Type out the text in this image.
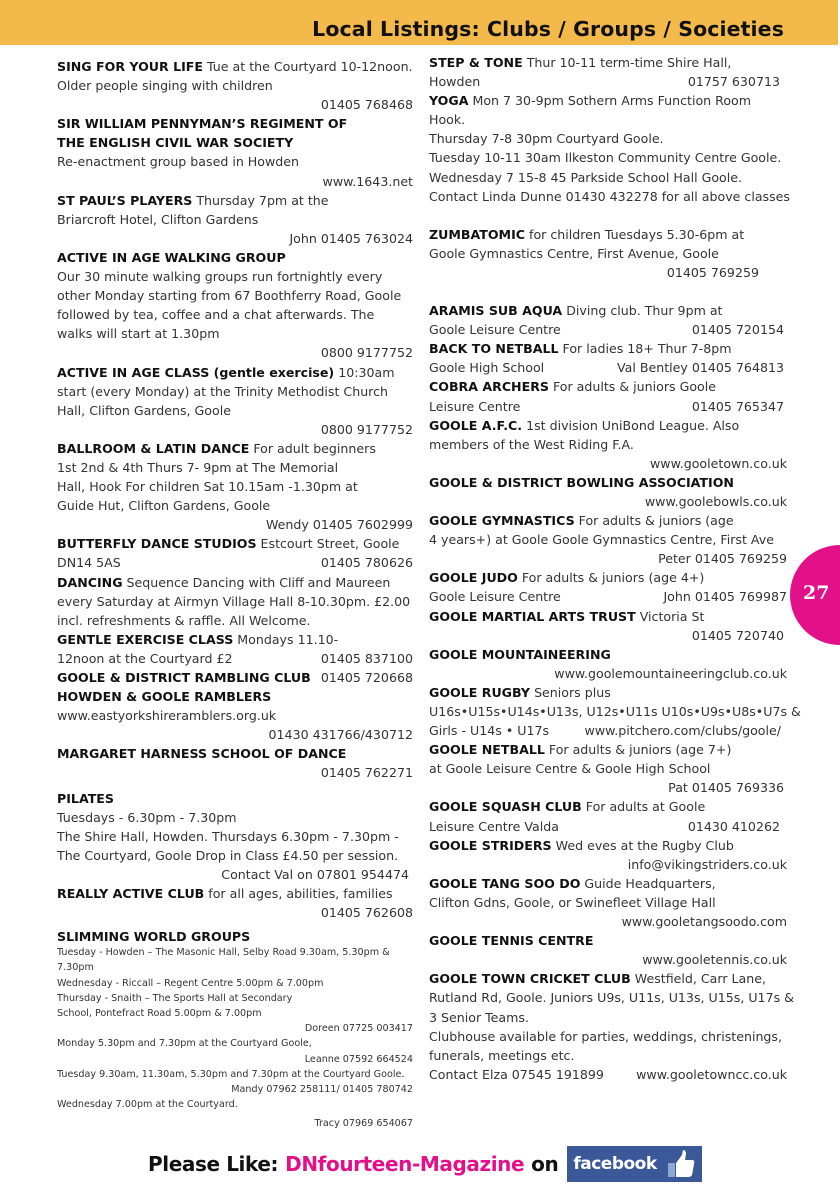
Local Listings: Clubs / Groups / Societies
SING FOR YOUR LIFE Tue at the Courtyard 10-12noon.
Older people singing with children
01405 768468
SIR WILLIAM PENNYMAN’S REGIMENT OF
THE ENGLISH CIVIL WAR SOCIETY
Re-enactment group based in Howden
www.1643.net
ST PAUL’S PLAYERS Thursday 7pm at the
Briarcroft Hotel, Clifton Gardens
John 01405 763024
ACTIVE IN AGE WALKING GROUP
Our 30 minute walking groups run fortnightly every
other Monday starting from 67 Boothferry Road, Goole
followed by tea, coffee and a chat afterwards. The
walks will start at 1.30pm
0800 9177752
ACTIVE IN AGE CLASS (gentle exercise) 10:30am
start (every Monday) at the Trinity Methodist Church
Hall, Clifton Gardens, Goole
0800 9177752
BALLROOM & LATIN DANCE For adult beginners
1st 2nd & 4th Thurs 7- 9pm at The Memorial
Hall, Hook For children Sat 10.15am -1.30pm at
Guide Hut, Clifton Gardens, Goole
Wendy 01405 7602999
BUTTERFLY DANCE STUDIOS Estcourt Street, Goole
DN14 5AS	01405 780626
DANCING Sequence Dancing with Cliff and Maureen
every Saturday at Airmyn Village Hall 8-10.30pm. £2.00
incl. refreshments & raffle. All Welcome.
GENTLE EXERCISE CLASS Mondays 11.10-
12noon at the Courtyard £2	01405 837100
GOOLE & DISTRICT RAMBLING CLUB 01405 720668
HOWDEN & GOOLE RAMBLERS
www.eastyorkshireramblers.org.uk
01430 431766/430712
MARGARET HARNESS SCHOOL OF DANCE
01405 762271
PILATES
Tuesdays - 6.30pm - 7.30pm
The Shire Hall, Howden. Thursdays 6.30pm - 7.30pm -
The Courtyard, Goole Drop in Class £4.50 per session.
Contact Val on 07801 954474
REALLY ACTIVE CLUB for all ages, abilities, families
01405 762608
SLIMMING WORLD GROUPS
Tuesday - Howden – The Masonic Hall, Selby Road 9.30am, 5.30pm &
7.30pm
Wednesday - Riccall – Regent Centre 5.00pm & 7.00pm
Thursday - Snaith – The Sports Hall at Secondary
School, Pontefract Road 5.00pm & 7.00pm
Doreen 07725 003417
Monday 5.30pm and 7.30pm at the Courtyard Goole,
Leanne 07592 664524
Tuesday 9.30am, 11.30am, 5.30pm and 7.30pm at the Courtyard Goole.
Mandy 07962 258111/ 01405 780742
Wednesday 7.00pm at the Courtyard.
Tracy 07969 654067
STEP & TONE Thur 10-11 term-time Shire Hall,
Howden	01757 630713
YOGA Mon 7 30-9pm Sothern Arms Function Room
Hook.
Thursday 7-8 30pm Courtyard Goole.
Tuesday 10-11 30am Ilkeston Community Centre Goole.
Wednesday 7 15-8 45 Parkside School Hall Goole.
Contact Linda Dunne 01430 432278 for all above classes
ZUMBATOMIC for children Tuesdays 5.30-6pm at
Goole Gymnastics Centre, First Avenue, Goole
01405 769259
ARAMIS SUB AQUA Diving club. Thur 9pm at
Goole Leisure Centre	01405 720154
BACK TO NETBALL For ladies 18+ Thur 7-8pm
Goole High School	Val Bentley 01405 764813
COBRA ARCHERS For adults & juniors Goole
Leisure Centre	01405 765347
GOOLE A.F.C. 1st division UniBond League. Also
members of the West Riding F.A.
www.gooletown.co.uk
GOOLE & DISTRICT BOWLING ASSOCIATION
www.goolebowls.co.uk
GOOLE GYMNASTICS For adults & juniors (age
4 years+) at Goole Goole Gymnastics Centre, First Ave
Peter 01405 769259
GOOLE JUDO For adults & juniors (age 4+)
Goole Leisure Centre	John 01405 769987
GOOLE MARTIAL ARTS TRUST Victoria St
01405 720740
GOOLE MOUNTAINEERING
www.goolemountaineeringclub.co.uk
GOOLE RUGBY Seniors plus
U16s•U15s•U14s•U13s, U12s•U11s U10s•U9s•U8s•U7s &
Girls - U14s • U17s	www.pitchero.com/clubs/goole/
GOOLE NETBALL For adults & juniors (age 7+)
at Goole Leisure Centre & Goole High School
Pat 01405 769336
GOOLE SQUASH CLUB For adults at Goole
Leisure Centre Valda	01430 410262
GOOLE STRIDERS Wed eves at the Rugby Club
info@vikingstriders.co.uk
GOOLE TANG SOO DO Guide Headquarters,
Clifton Gdns, Goole, or Swinefleet Village Hall
www.gooletangsoodo.com
GOOLE TENNIS CENTRE
www.gooletennis.co.uk
GOOLE TOWN CRICKET CLUB Westfield, Carr Lane,
Rutland Rd, Goole. Juniors U9s, U11s, U13s, U15s, U17s &
3 Senior Teams.
Clubhouse available for parties, weddings, christenings,
funerals, meetings etc.
Contact Elza 07545 191899	www.gooletowncc.co.uk
27
Please Like: DNfourteen-Magazine on facebook
